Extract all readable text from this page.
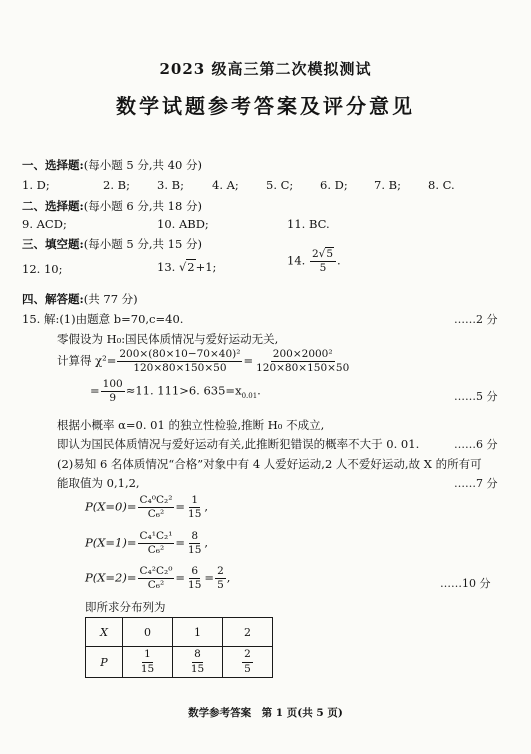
2023 级高三第二次模拟测试
数学试题参考答案及评分意见
一、选择题:(每小题 5 分,共 40 分)
1. D;	2. B; 3. B; 4. A; 5. C; 6. D; 7. B; 8. C.
二、选择题:(每小题 6 分,共 18 分)
9. ACD;	10. ABD;	11. BC.
三、填空题:(每小题 5 分,共 15 分)
12. 10;	13. √2+1;	14. $\frac{2√5}{5}$ .
四、解答题:(共 77 分)
15. 解:(1)由题意 b=70,c=40.	……2 分
零假设为 H₀:国民体质情况与爱好运动无关,
计算得 $\chi^2= \frac{\text{200×(80×10−70×40)²}}{120\times 80\times 150\times 50} = \frac{\text{200×2000²}}{120\times 80\times 150\times 50}$
= $\frac{100}{9} \approx 11$. 111>6. $635=x_{0.01}$.	……5 分
根据小概率 α=0. 01 的独立性检验,推断 H₀ 不成立,
即认为国民体质情况与爱好运动有关,此推断犯错误的概率不大于 0. 01.	……6 分
(2)易知 6 名体质情况“合格”对象中有 4 人爱好运动,2 人不爱好运动,故 X 的所有可
能取值为 0,1,2,	……7 分
$P(X=0)= \frac{\text{C₄⁰C₂²}}{\text{C₆²}} = \frac{1}{15}$ ,
$P(X=1)= \frac{\text{C₄¹C₂¹}}{\text{C₆²}} = \frac{8}{15}$ ,
$P(X=2)= \frac{\text{C₄²C₂⁰}}{\text{C₆²}} = \frac{6}{15} = \frac{2}{5}$ ,	……10 分
即所求分布列为
X	0	1	2
P	$\frac{1}{15}$	$\frac{8}{15}$	$\frac{2}{5}$
数学参考答案　第 1 页(共 5 页)
